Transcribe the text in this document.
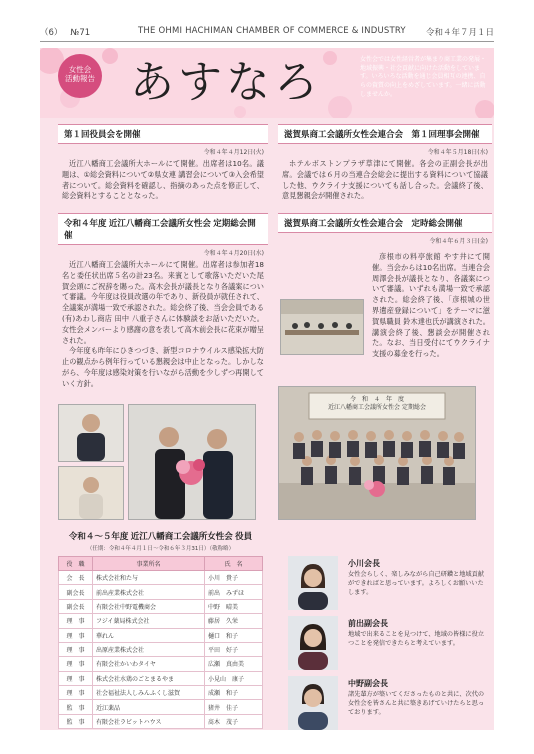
（6） №71	THE OHMI HACHIMAN CHAMBER OF COMMERCE & INDUSTRY 令和４年７月１日
女性会
活動報告 あすなろ	女性会では女性経営者が集まり商工業の発展・地域振興・社会貢献に向けた活動をしています。いろいろな活動を通じ会員相互の連携、自らの資質の向上をめざしています。一緒に活動しませんか。
第１回役員会を開催
令和４年４月12日(火)

近江八幡商工会議所大ホールにて開催。出席者は10名。議題は、①総会資料について②県女連 講習会について③入会希望者について。総会資料を確認し、指摘のあった点を修正して、総会資料とすることとなった。

令和４年度 近江八幡商工会議所女性会 定期総会開催
令和４年４月20日(水)

近江八幡商工会議所大ホールにて開催。出席者は参加者18名と委任状出席５名の計23名。来賓として歌落いただいた尾賀会頭にご祝辞を賜った。高木会長が議長となり各議案について審議。今年度は役員改選の年であり、新役員が就任されて、全議案が満場一致で承認された。総会終了後、当会会員である(有)あわし商店 田中 八重子さんに体験談をお話いただいた。女性会メンバーより感謝の意を表して高木前会長に花束が贈呈された。

今年度も昨年にひきつづき、新型コロナウイルス感染拡大防止の観点から例年行っている懇親会は中止となった。しかしながら、今年度は感染対策を行いながら活動を少しずつ再開していく方針。

滋賀県商工会議所女性会連合会　第１回理事会開催
令和４年５月18日(水)

ホテルボストンプラザ草津にて開催。各会の正副会長が出席。会議では６月の当連合会総会に提出する資料について協議した他、ウクライナ支援についても話し合った。会議終了後、意見懇親会が開催された。

滋賀県商工会議所女性会連合会　定時総会開催
令和４年６月３日(金)

彦根市の料亭旅館 やす井にて開催。当会からは10名出席。当連合会 周澤会長が議長となり、各議案について審議。いずれも満場一致で承認された。総会終了後、「彦根城の世界遺産登録について」をテーマに滋賀県職員 鈴木達也氏が講演された。講演会終了後、懇談会が開催された。なお、当日受付にてウクライナ支援の募金を行った。

令　和　４　年　度
近江八幡商工会議所女性会 定期総会
令和４〜５年度 近江八幡商工会議所女性会 役員
（任期：令和４年４月１日〜令和６年３月31日）（敬称略）
役　職	事業所名	氏　名
会　長	株式会社和た与	小川　貴子
副会長	前出産業株式会社	前出　みずほ
副会長	有限会社中野電機商会	中野　晴美
理　事	フジイ薬局株式会社	藤居　久栄
理　事	華れん	樋口　和子
理　事	出原産業株式会社	平田　好子
理　事	有限会社かいわタイヤ	広瀬　真由美
理　事	株式会社水鶏のごとまるやま	小見山　康子
理　事	社会福祉法人しみんふくし滋賀	成瀬　和子
監　事	近江薬品	猪井　佳子
監　事	有限会社ラビットハウス	髙木　茂子
小川会長
女性会らしく、楽しみながら自己研鑽と地域貢献ができればと思っています。よろしくお願いいたします。
前出副会長
地域で出来ることを見つけて、地域の皆様に役立つことを発信できたらと考えています。
中野副会長
諸先輩方が築いてくださったものと共に、次代の女性会を皆さんと共に築きあげていけたらと思っております。
